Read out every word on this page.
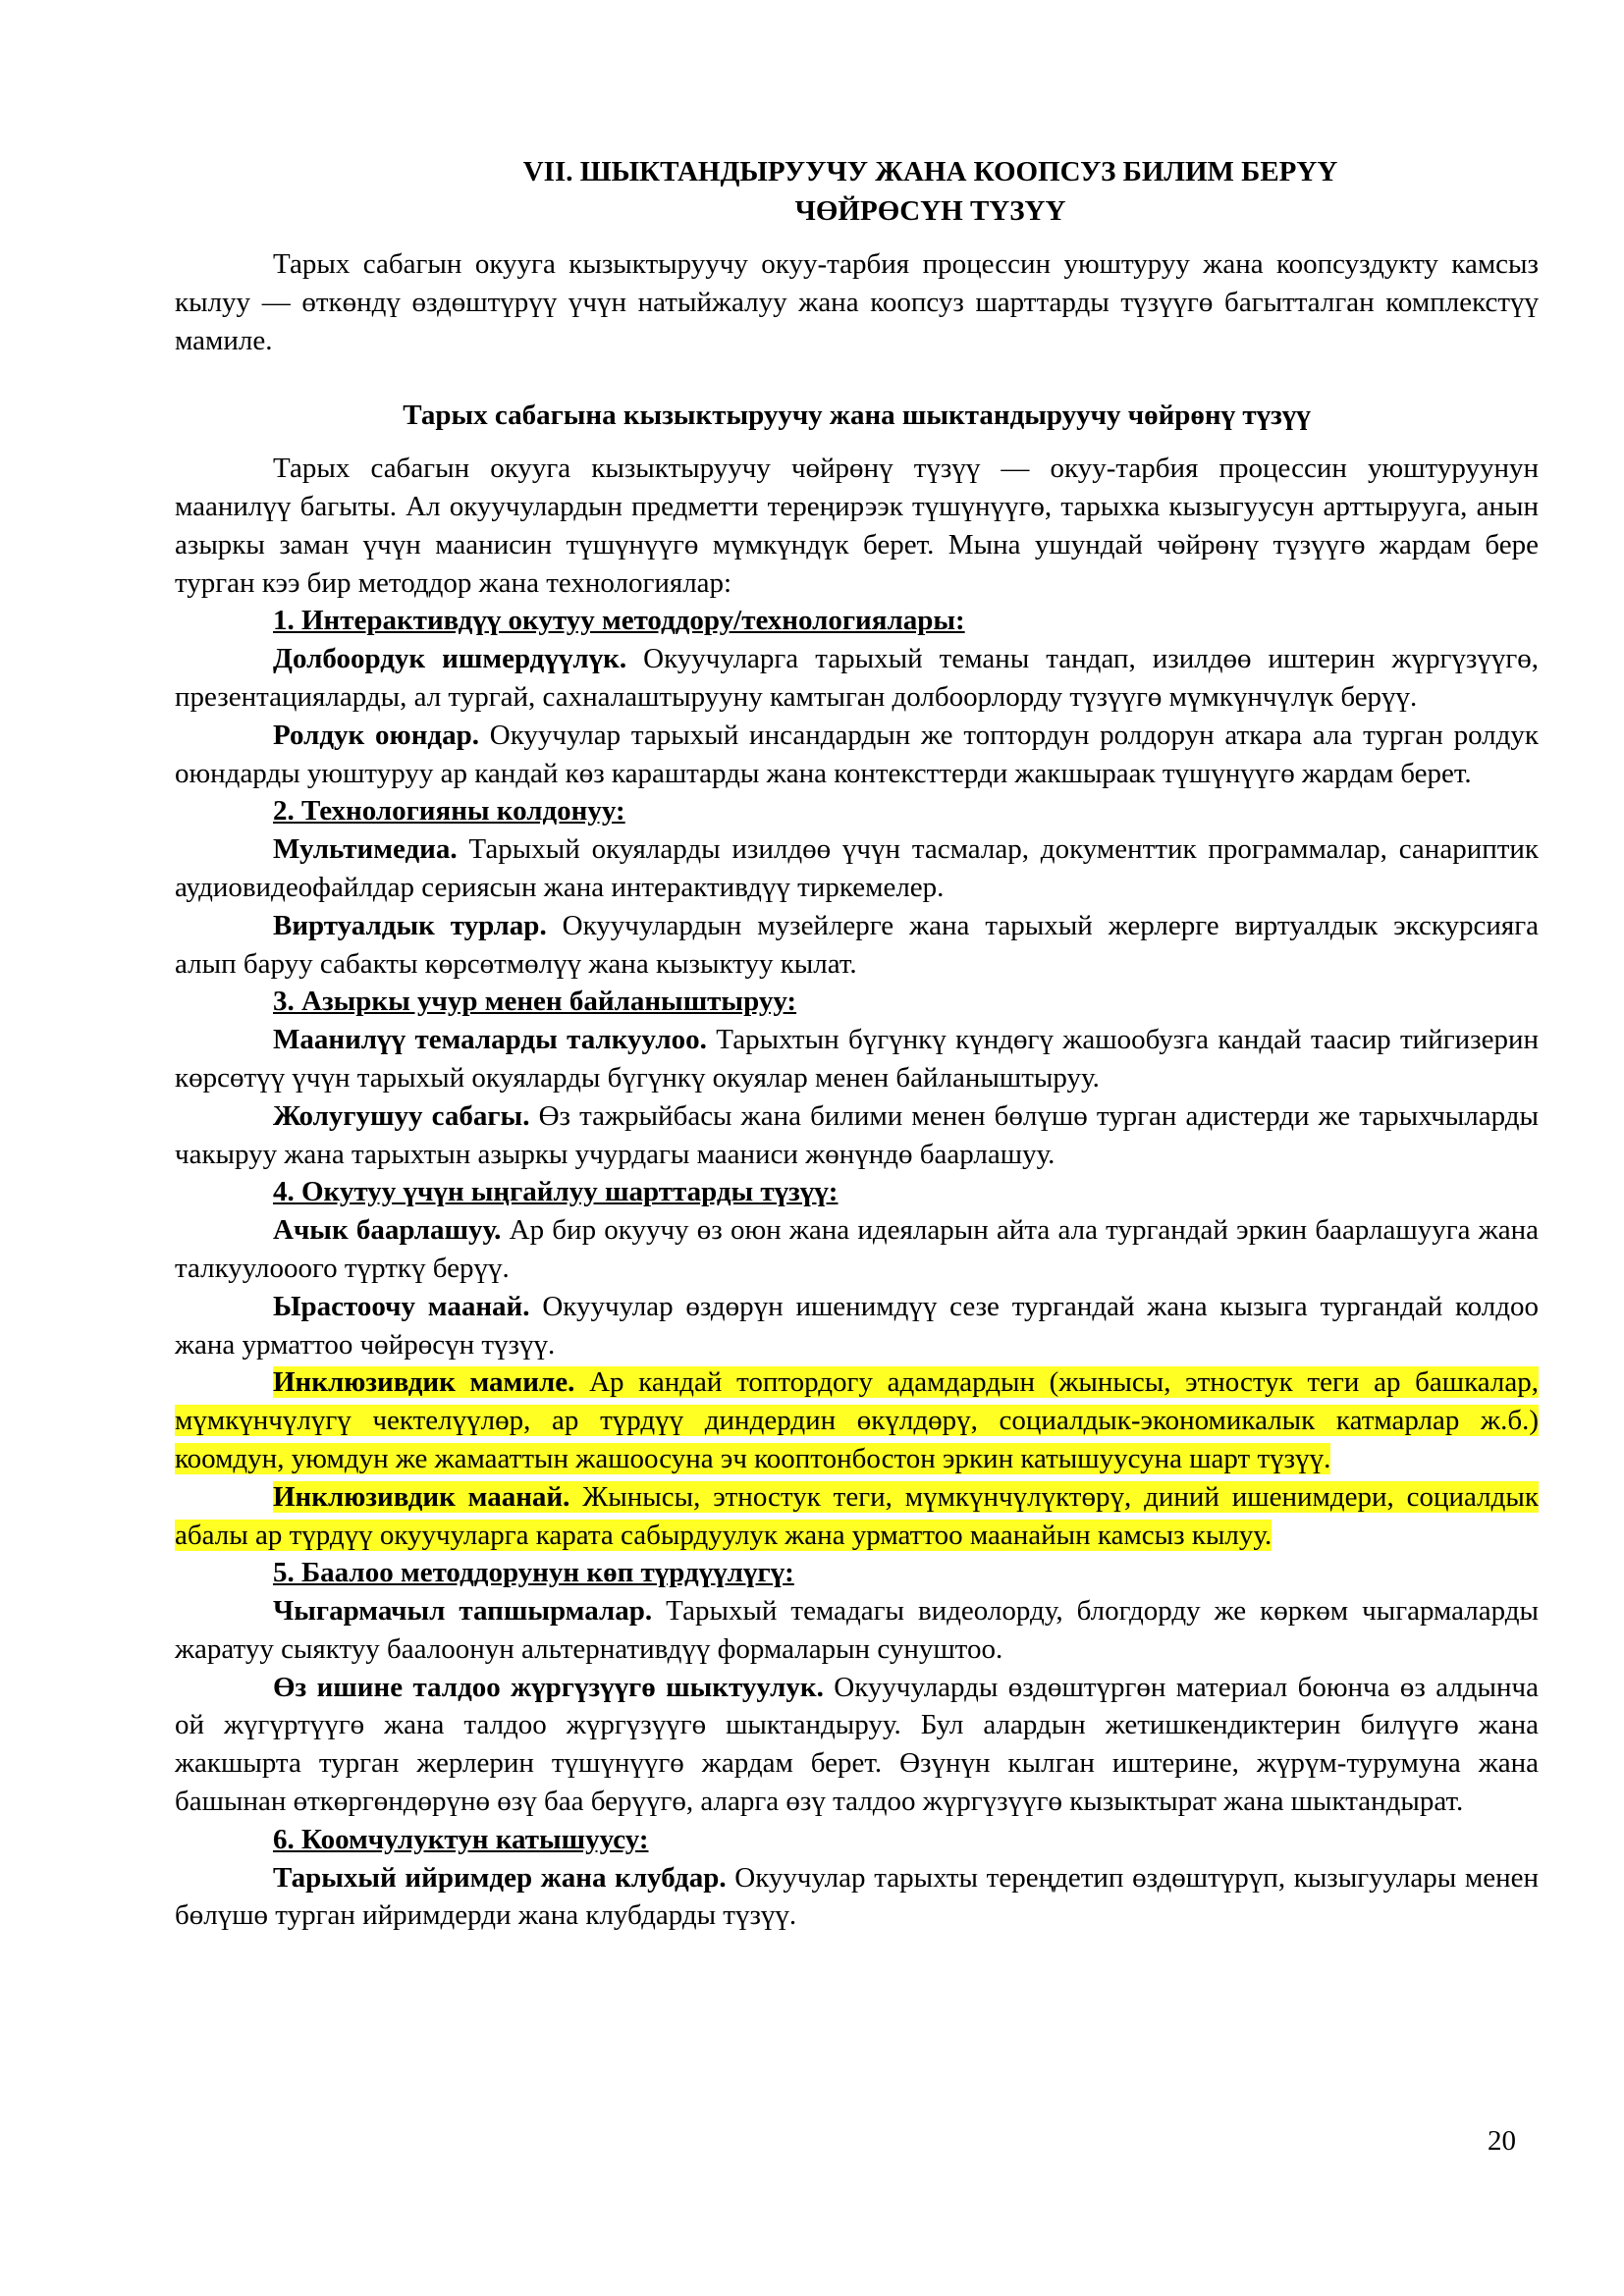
VII. ШЫКТАНДЫРУУЧУ ЖАНА КООПСУЗ БИЛИМ БЕРҮҮ

ЧӨЙРӨСҮН ТҮЗҮҮ

Тарых сабагын окууга кызыктыруучу окуу-тарбия процессин уюштуруу жана коопсуздукту камсыз кылуу — өткөндү өздөштүрүү үчүн натыйжалуу жана коопсуз шарттарды түзүүгө багытталган комплекстүү мамиле.

Тарых сабагына кызыктыруучу жана шыктандыруучу чөйрөнү түзүү

Тарых сабагын окууга кызыктыруучу чөйрөнү түзүү — окуу-тарбия процессин уюштуруунун маанилүү багыты. Ал окуучулардын предметти тереңирээк түшүнүүгө, тарыхка кызыгуусун арттырууга, анын азыркы заман үчүн маанисин түшүнүүгө мүмкүндүк берет. Мына ушундай чөйрөнү түзүүгө жардам бере турган кээ бир методдор жана технологиялар:

1. Интерактивдүү окутуу методдору/технологиялары:

Долбоордук ишмердүүлүк. Окуучуларга тарыхый теманы тандап, изилдөө иштерин жүргүзүүгө, презентацияларды, ал тургай, сахналаштырууну камтыган долбоорлорду түзүүгө мүмкүнчүлүк берүү.

Ролдук оюндар. Окуучулар тарыхый инсандардын же топтордун ролдорун аткара ала турган ролдук оюндарды уюштуруу ар кандай көз караштарды жана контексттерди жакшыраак түшүнүүгө жардам берет.

2. Технологияны колдонуу:

Мультимедиа. Тарыхый окуяларды изилдөө үчүн тасмалар, документтик программалар, санариптик аудиовидеофайлдар сериясын жана интерактивдүү тиркемелер.

Виртуалдык турлар. Окуучулардын музейлерге жана тарыхый жерлерге виртуалдык экскурсияга алып баруу сабакты көрсөтмөлүү жана кызыктуу кылат.

3. Азыркы учур менен байланыштыруу:

Маанилүү темаларды талкуулоо. Тарыхтын бүгүнкү күндөгү жашообузга кандай таасир тийгизерин көрсөтүү үчүн тарыхый окуяларды бүгүнкү окуялар менен байланыштыруу.

Жолугушуу сабагы. Өз тажрыйбасы жана билими менен бөлүшө турган адистерди же тарыхчыларды чакыруу жана тарыхтын азыркы учурдагы мааниси жөнүндө баарлашуу.

4. Окутуу үчүн ыңгайлуу шарттарды түзүү:

Ачык баарлашуу. Ар бир окуучу өз оюн жана идеяларын айта ала тургандай эркин баарлашууга жана талкуулооого түрткү берүү.

Ырастоочу маанай. Окуучулар өздөрүн ишенимдүү сезе тургандай жана кызыга тургандай колдоо жана урматтоо чөйрөсүн түзүү.

Инклюзивдик мамиле. Ар кандай топтордогу адамдардын (жынысы, этностук теги ар башкалар, мүмкүнчүлүгү чектелүүлөр, ар түрдүү диндердин өкүлдөрү, социалдык-экономикалык катмарлар ж.б.) коомдун, уюмдун же жамааттын жашоосуна эч кооптонбостон эркин катышуусуна шарт түзүү.

Инклюзивдик маанай. Жынысы, этностук теги, мүмкүнчүлүктөрү, диний ишенимдери, социалдык абалы ар түрдүү окуучуларга карата сабырдуулук жана урматтоо маанайын камсыз кылуу.

5. Баалоо методдорунун көп түрдүүлүгү:

Чыгармачыл тапшырмалар. Тарыхый темадагы видеолорду, блогдорду же көркөм чыгармаларды жаратуу сыяктуу баалоонун альтернативдүү формаларын сунуштоо.

Өз ишине талдоо жүргүзүүгө шыктуулук. Окуучуларды өздөштүргөн материал боюнча өз алдынча ой жүгүртүүгө жана талдоо жүргүзүүгө шыктандыруу. Бул алардын жетишкендиктерин билүүгө жана жакшырта турган жерлерин түшүнүүгө жардам берет. Өзүнүн кылган иштерине, жүрүм-турумуна жана башынан өткөргөндөрүнө өзү баа берүүгө, аларга өзү талдоо жүргүзүүгө кызыктырат жана шыктандырат.

6. Коомчулуктун катышуусу:

Тарыхый ийримдер жана клубдар. Окуучулар тарыхты тереңдетип өздөштүрүп, кызыгуулары менен бөлүшө турган ийримдерди жана клубдарды түзүү.

20
